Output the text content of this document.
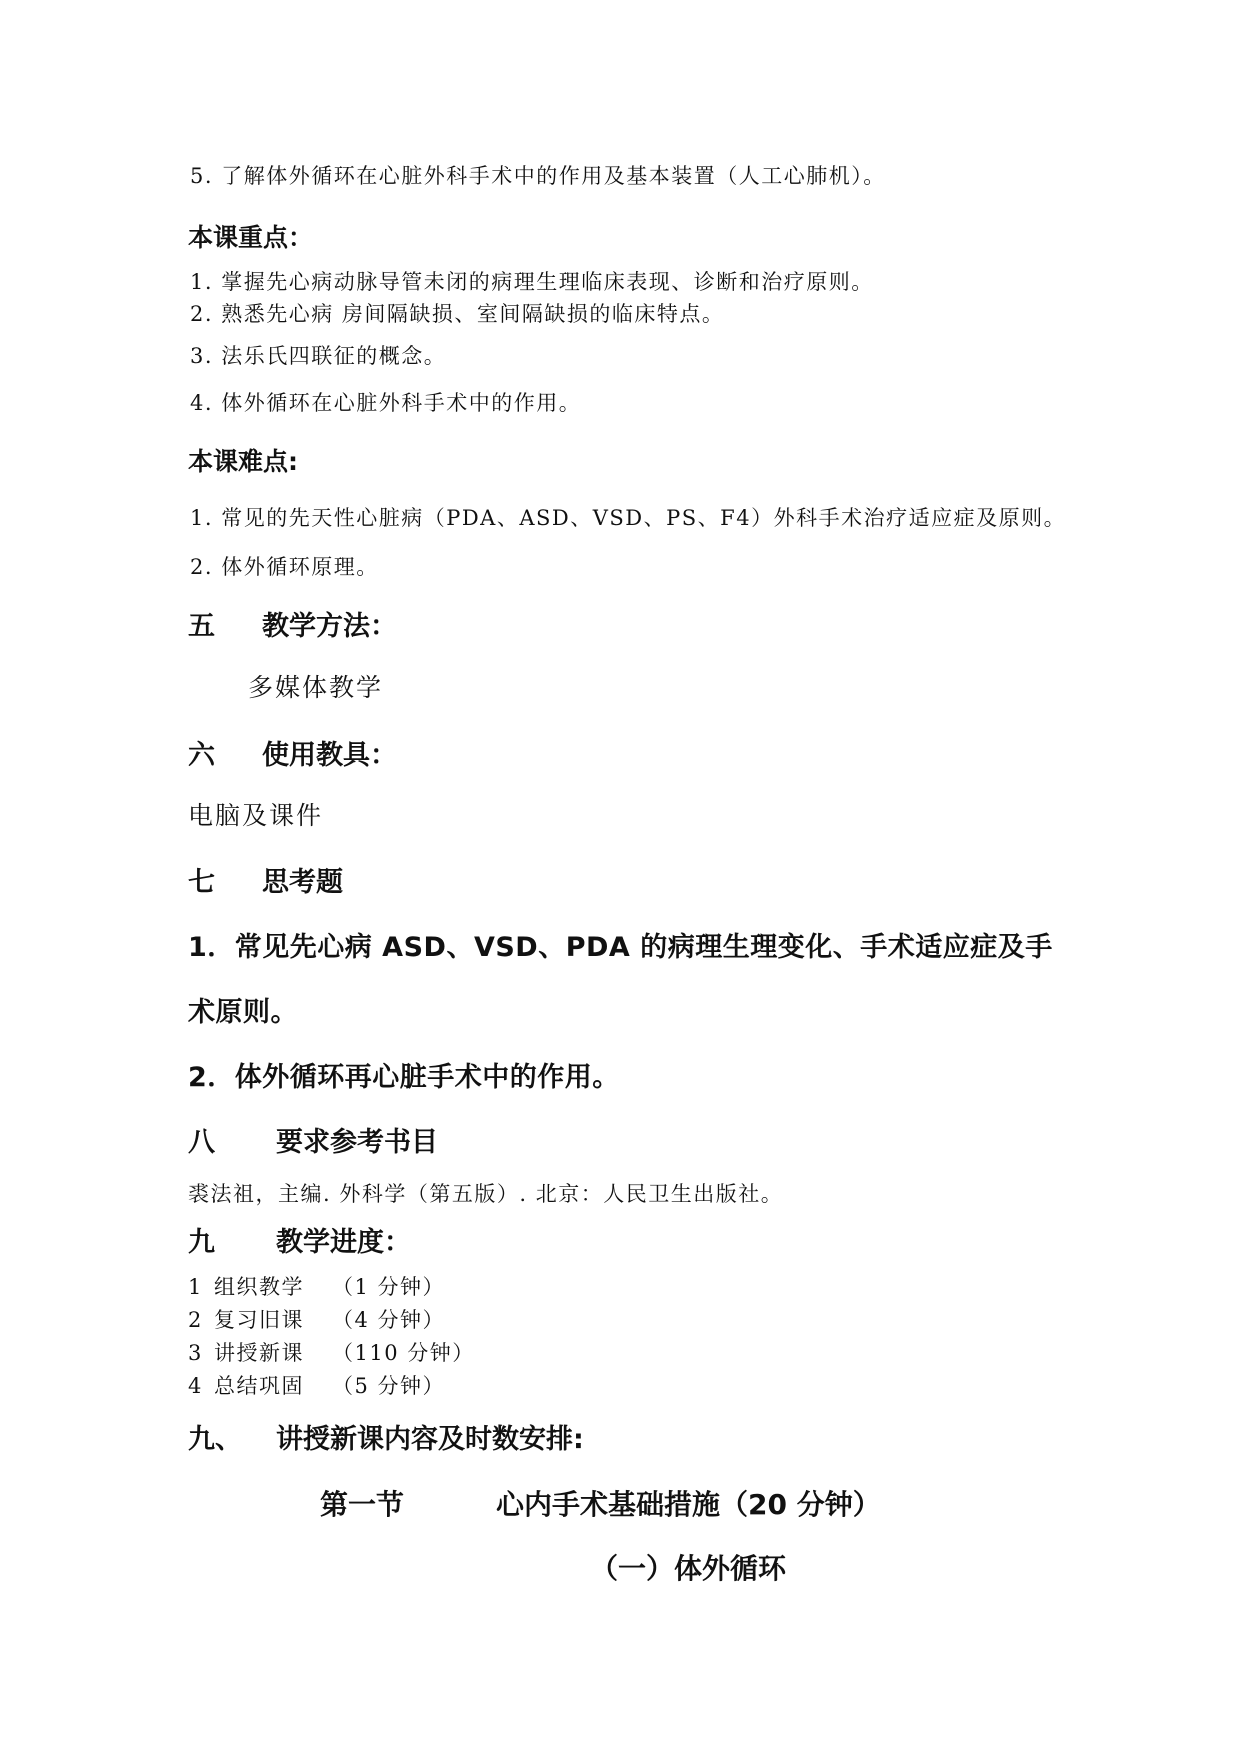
5. 了解体外循环在心脏外科手术中的作用及基本装置（人工心肺机）。
本课重点：
1. 掌握先心病动脉导管未闭的病理生理临床表现、诊断和治疗原则。
2. 熟悉先心病 房间隔缺损、室间隔缺损的临床特点。
3. 法乐氏四联征的概念。
4. 体外循环在心脏外科手术中的作用。
本课难点:
1. 常见的先天性心脏病（PDA、ASD、VSD、PS、F4）外科手术治疗适应症及原则。
2. 体外循环原理。
五 教学方法：
多媒体教学
六 使用教具：
电脑及课件
七 思考题
1．常见先心病 ASD、VSD、PDA 的病理生理变化、手术适应症及手
术原则。
2．体外循环再心脏手术中的作用。
八 要求参考书目
裘法祖，主编. 外科学（第五版）. 北京：人民卫生出版社。
九 教学进度：
1 组织教学 （1 分钟）
2 复习旧课 （4 分钟）
3 讲授新课 （110 分钟）
4 总结巩固 （5 分钟）
九、 讲授新课内容及时数安排:
第一节	心内手术基础措施（20 分钟）
（一）体外循环
